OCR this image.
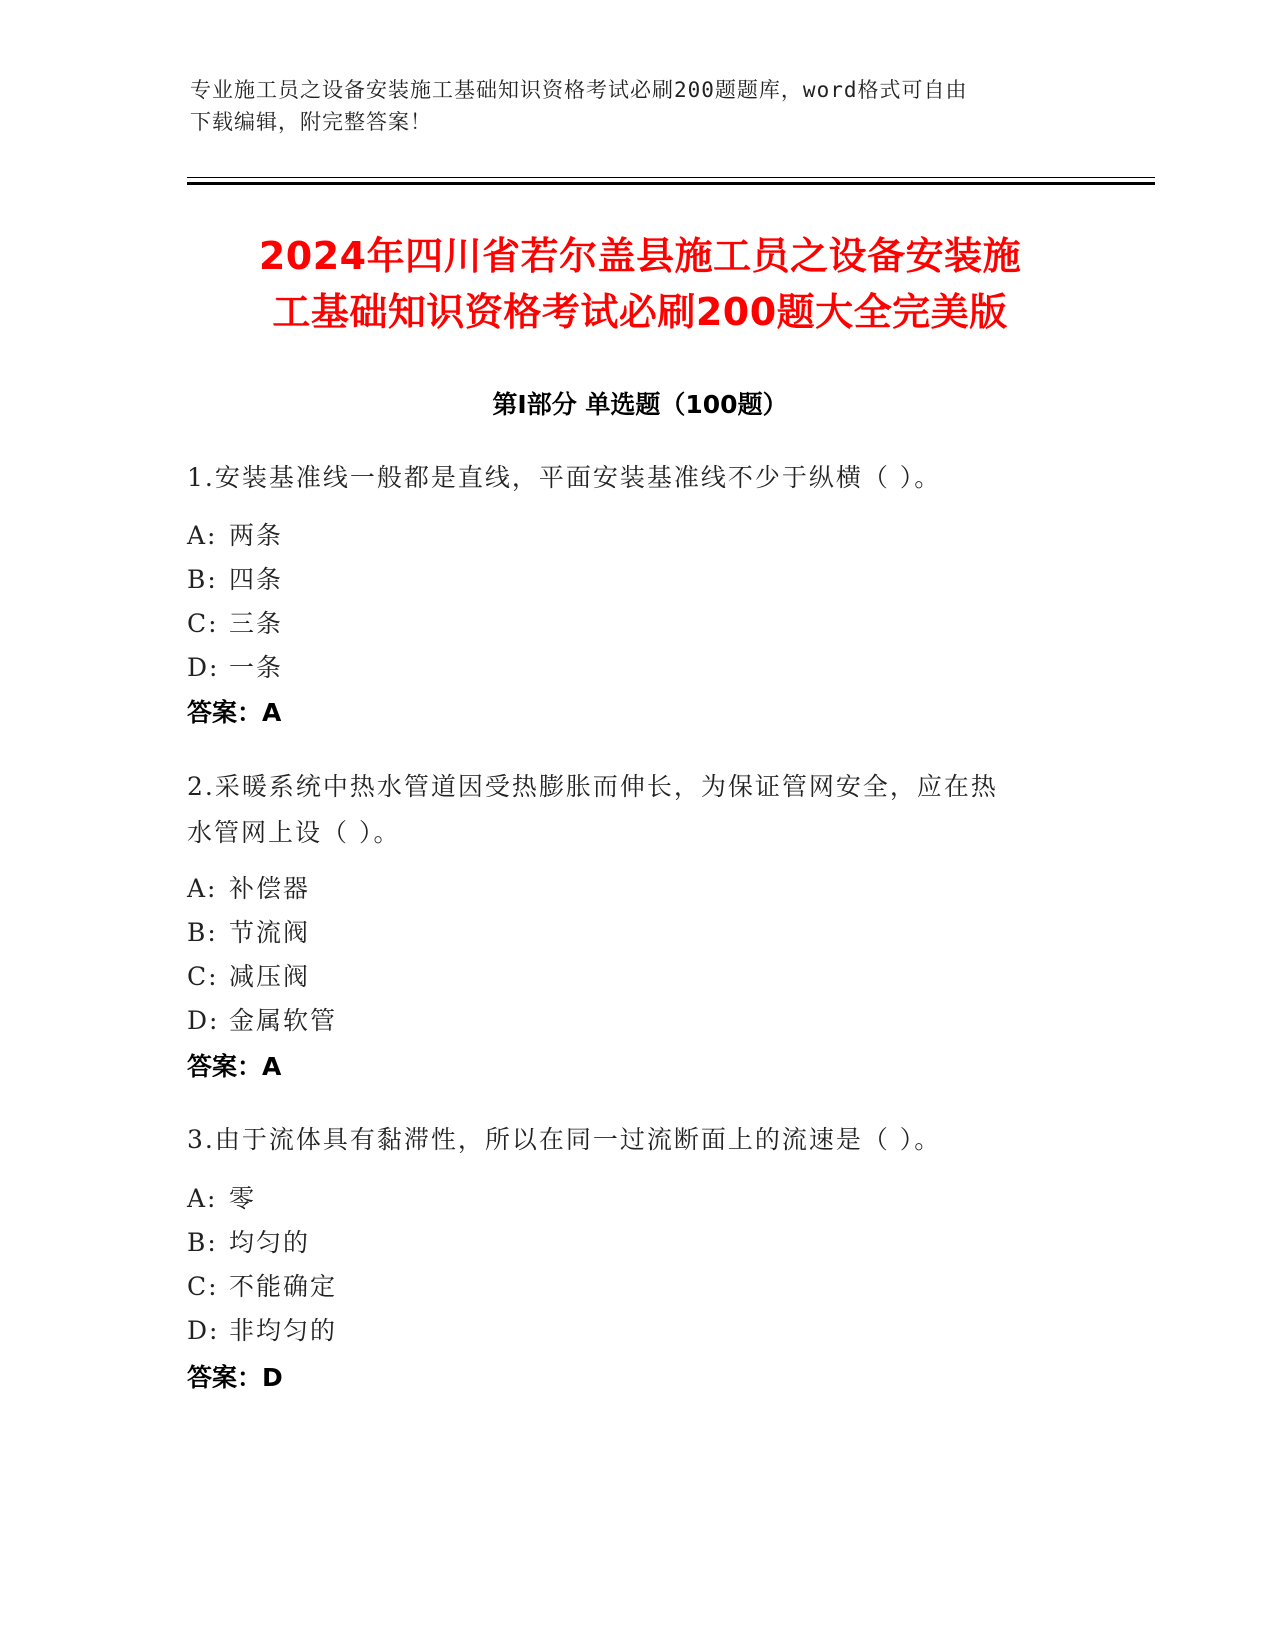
专业施工员之设备安装施工基础知识资格考试必刷200题题库，word格式可自由
下载编辑，附完整答案！
2024年四川省若尔盖县施工员之设备安装施
工基础知识资格考试必刷200题大全完美版
第Ⅰ部分 单选题（100题）
1.安装基准线一般都是直线，平面安装基准线不少于纵横（ ）。
A: 两条
B: 四条
C: 三条
D: 一条
答案：A
2.采暖系统中热水管道因受热膨胀而伸长，为保证管网安全，应在热
水管网上设（ ）。
A: 补偿器
B: 节流阀
C: 减压阀
D: 金属软管
答案：A
3.由于流体具有黏滞性，所以在同一过流断面上的流速是（ ）。
A: 零
B: 均匀的
C: 不能确定
D: 非均匀的
答案：D
